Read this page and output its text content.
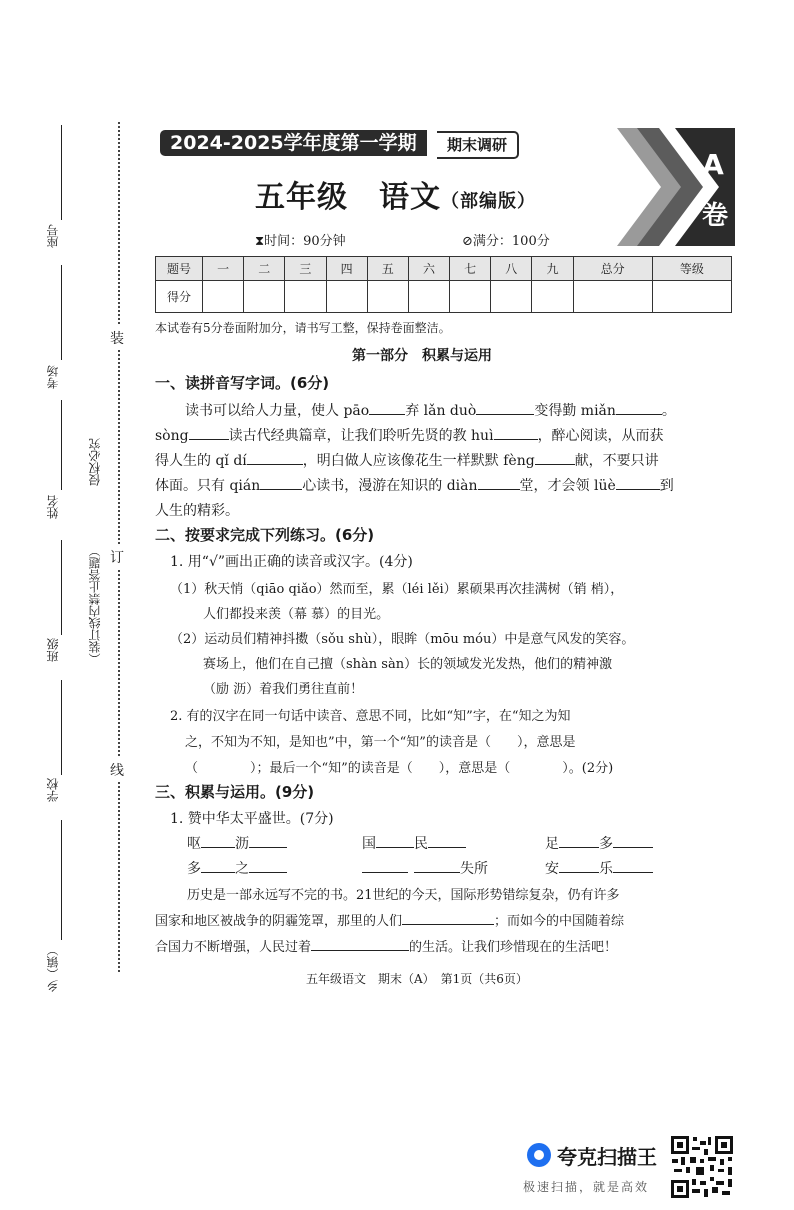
座号
考场
姓名
班级
学校
乡（镇）
侵权必究
（装订线内禁止答题）
装
订
线
2024-2025学年度第一学期	期末调研
五年级　语文（部编版）
A
卷
⧗时间：90分钟	⊘满分：100分
题号	一	二	三	四	五	六	七	八	九	总分	等级
得分											
本试卷有5分卷面附加分，请书写工整，保持卷面整洁。
第一部分　积累与运用
一、读拼音写字词。(6分)
读书可以给人力量，使人 pāo	弃 lǎn duò	变得勤 miǎn	。
sòng	读古代经典篇章，让我们聆听先贤的教 huì	，醉心阅读，从而获
得人生的 qǐ dí	，明白做人应该像花生一样默默 fèng	献，不要只讲
体面。只有 qián	心读书，漫游在知识的 diàn	堂，才会领 lüè	到
人生的精彩。
二、按要求完成下列练习。(6分)
1. 用“√”画出正确的读音或汉字。(4分)
（1）秋天悄（qiāo qiǎo）然而至，累（léi lěi）累硕果再次挂满树（销 梢），
人们都投来羡（幕 慕）的目光。
（2）运动员们精神抖擞（sǒu shù），眼眸（mōu móu）中是意气风发的笑容。
赛场上，他们在自己擅（shàn sàn）长的领域发光发热，他们的精神激
（励 沥）着我们勇往直前！
2. 有的汉字在同一句话中读音、意思不同，比如“知”字，在“知之为知
之，不知为不知，是知也”中，第一个“知”的读音是（　　），意思是
（　　　　）；最后一个“知”的读音是（　　），意思是（　　　　）。(2分)
三、积累与运用。(9分)
1. 赞中华太平盛世。(7分)
呕 沥	国	民	足	多
多 之	失所	安	乐
历史是一部永远写不完的书。21世纪的今天，国际形势错综复杂，仍有许多
国家和地区被战争的阴霾笼罩，那里的人们	；而如今的中国随着综
合国力不断增强，人民过着	的生活。让我们珍惜现在的生活吧！
五年级语文　期末（A）　第1页（共6页）
夸克扫描王
极速扫描，就是高效
